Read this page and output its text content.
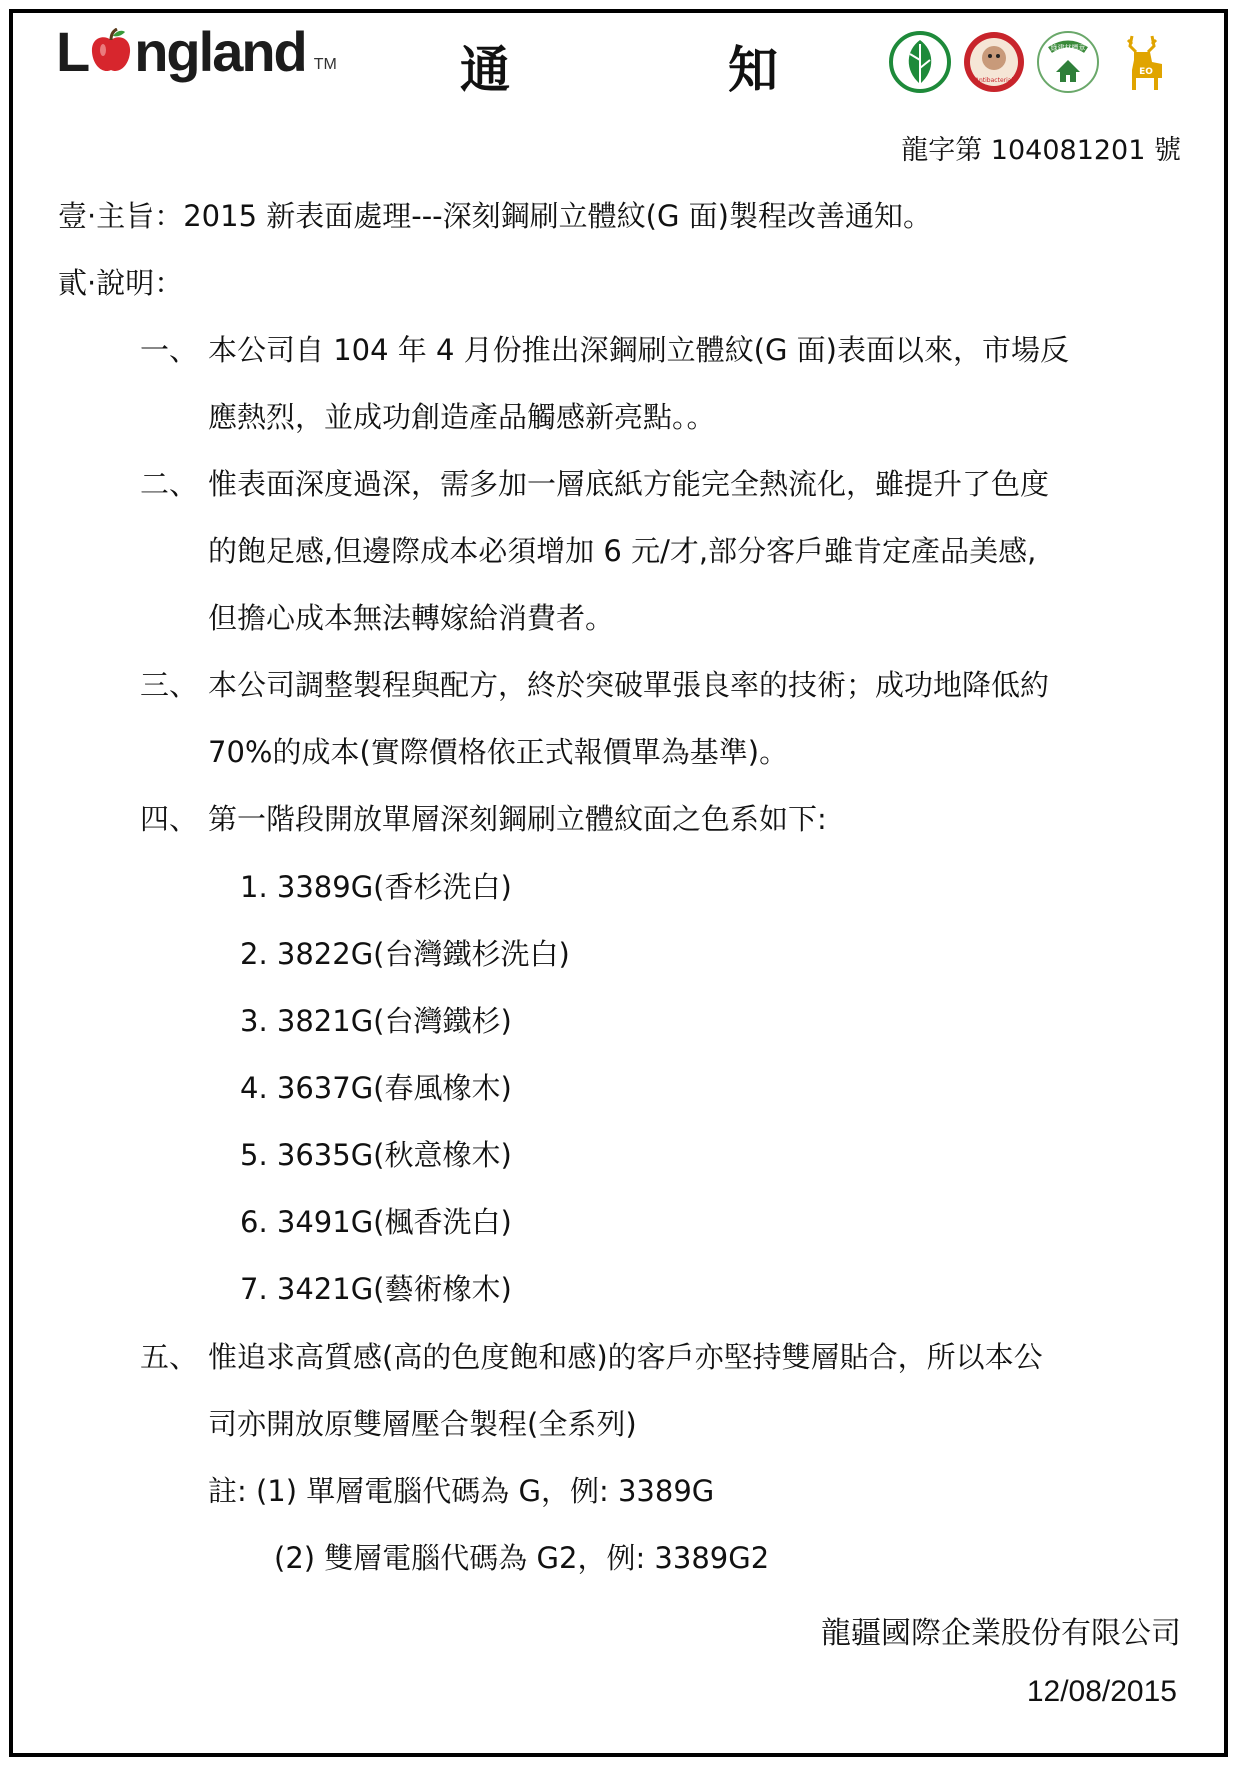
L ngland TM 通	知	Antibacterial
綠建材標章
EO
龍字第 104081201 號
壹·主旨：2015 新表面處理---深刻鋼刷立體紋(G 面)製程改善通知。
貳·說明：
一、 本公司自 104 年 4 月份推出深鋼刷立體紋(G 面)表面以來，市場反
應熱烈，並成功創造產品觸感新亮點。。
二、 惟表面深度過深，需多加一層底紙方能完全熱流化，雖提升了色度
的飽足感,但邊際成本必須增加 6 元/才,部分客戶雖肯定產品美感,
但擔心成本無法轉嫁給消費者。
三、 本公司調整製程與配方，終於突破單張良率的技術；成功地降低約
70%的成本(實際價格依正式報價單為基準)。
四、 第一階段開放單層深刻鋼刷立體紋面之色系如下:
1. 3389G(香杉洗白)
2. 3822G(台灣鐵杉洗白)
3. 3821G(台灣鐵杉)
4. 3637G(春風橡木)
5. 3635G(秋意橡木)
6. 3491G(楓香洗白)
7. 3421G(藝術橡木)
五、 惟追求高質感(高的色度飽和感)的客戶亦堅持雙層貼合，所以本公
司亦開放原雙層壓合製程(全系列)
註: (1) 單層電腦代碼為 G，例: 3389G
(2) 雙層電腦代碼為 G2，例: 3389G2
龍疆國際企業股份有限公司
12/08/2015
